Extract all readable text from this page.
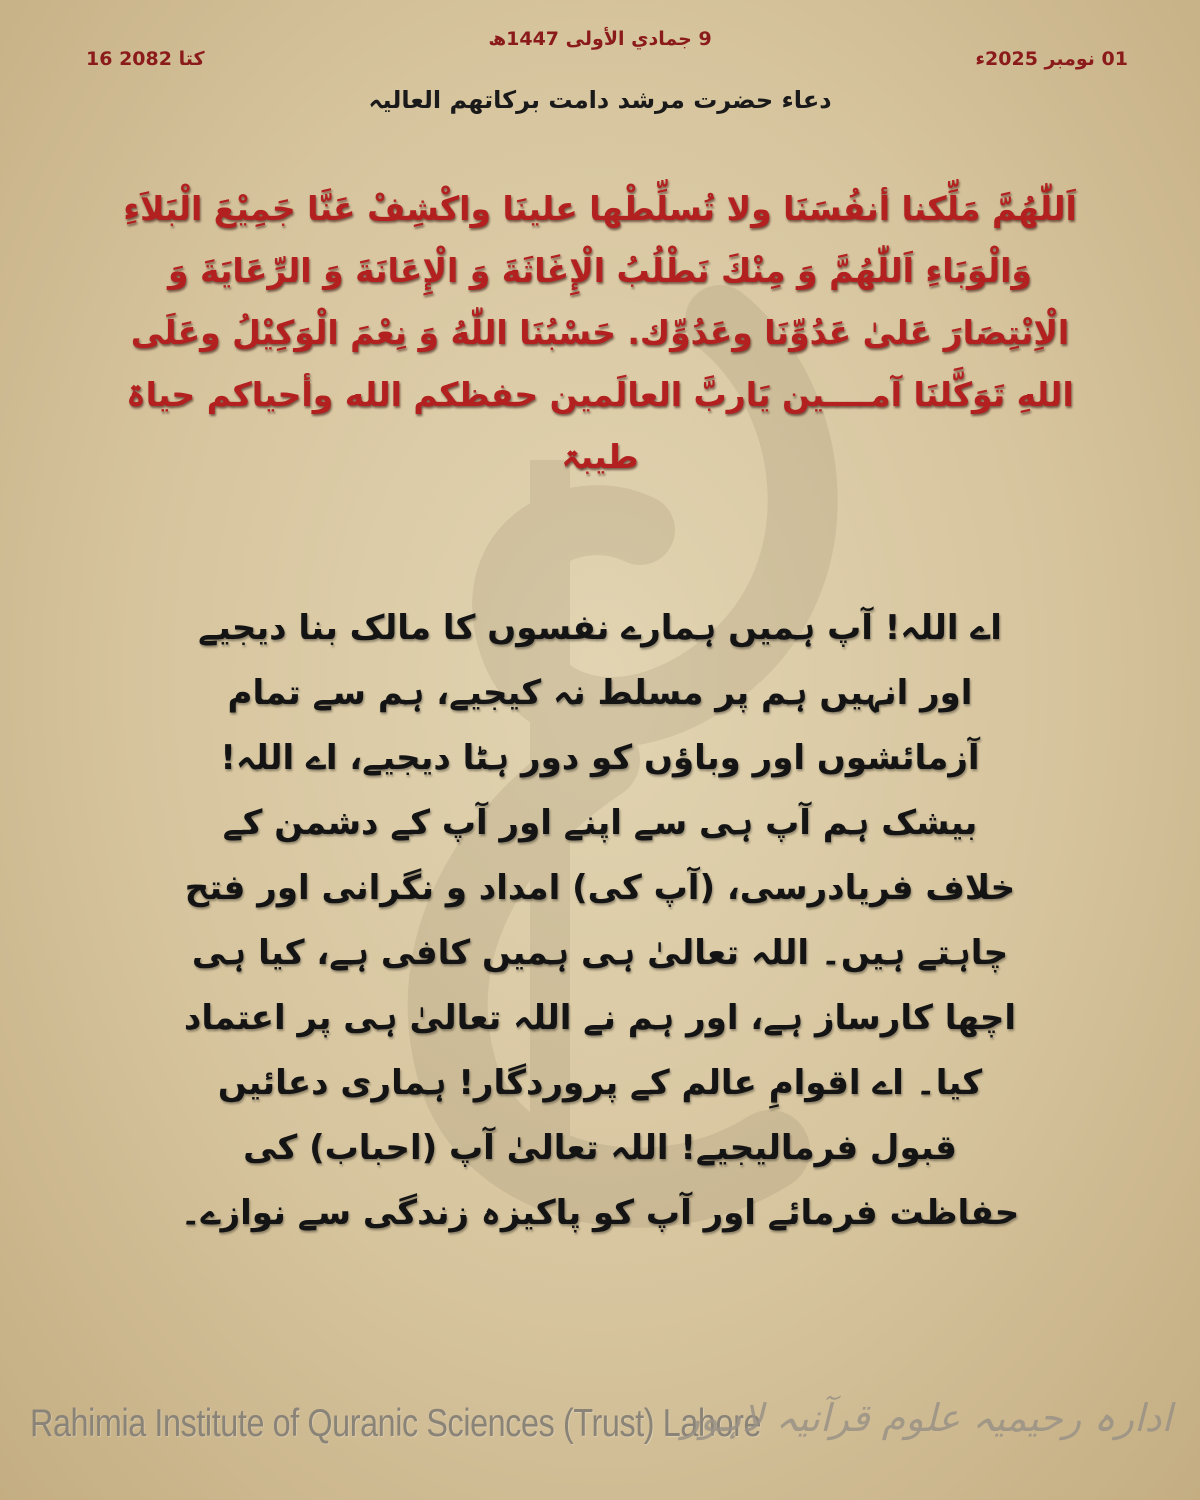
16 کتا 2082	01 نومبر 2025ء
9 جمادي الأولى 1447ھ
دعاء حضرت مرشد دامت برکاتھم العالیہ
اَللّٰھُمَّ مَلِّکنا أنفُسَنَا ولا تُسلِّطْھا علینَا واکْشِفْ عَنَّا جَمِیْعَ الْبَلاَءِ وَالْوَبَاءِ اَللّٰھُمَّ وَ مِنْكَ نَطْلُبُ الْإِغَاثَةَ وَ الْإِعَانَةَ وَ الرِّعَايَةَ وَ الْاِنْتِصَارَ عَلیٰ عَدُوِّنَا وعَدُوِّك. حَسْبُنَا اللّٰهُ وَ نِعْمَ الْوَكِیْلُ وعَلَی اللهِ تَوَكَّلنَا آمــــین یَاربَّ العالَمین حفظکم الله وأحیاکم حیاۃ طیبۃ
اے اللہ! آپ ہمیں ہمارے نفسوں کا مالک بنا دیجیے اور انہیں ہم پر مسلط نہ کیجیے، ہم سے تمام آزمائشوں اور وباؤں کو دور ہٹا دیجیے، اے اللہ! بیشک ہم آپ ہی سے اپنے اور آپ کے دشمن کے خلاف فریادرسی، (آپ کی) امداد و نگرانی اور فتح چاہتے ہیں۔ اللہ تعالیٰ ہی ہمیں کافی ہے، کیا ہی اچھا کارساز ہے، اور ہم نے اللہ تعالیٰ ہی پر اعتماد کیا۔ اے اقوامِ عالم کے پروردگار! ہماری دعائیں قبول فرمالیجیے! اللہ تعالیٰ آپ (احباب) کی حفاظت فرمائے اور آپ کو پاکیزہ زندگی سے نوازے۔
Rahimia Institute of Quranic Sciences (Trust) Lahore
ادارہ رحیمیہ علوم قرآنیہ لاہور
